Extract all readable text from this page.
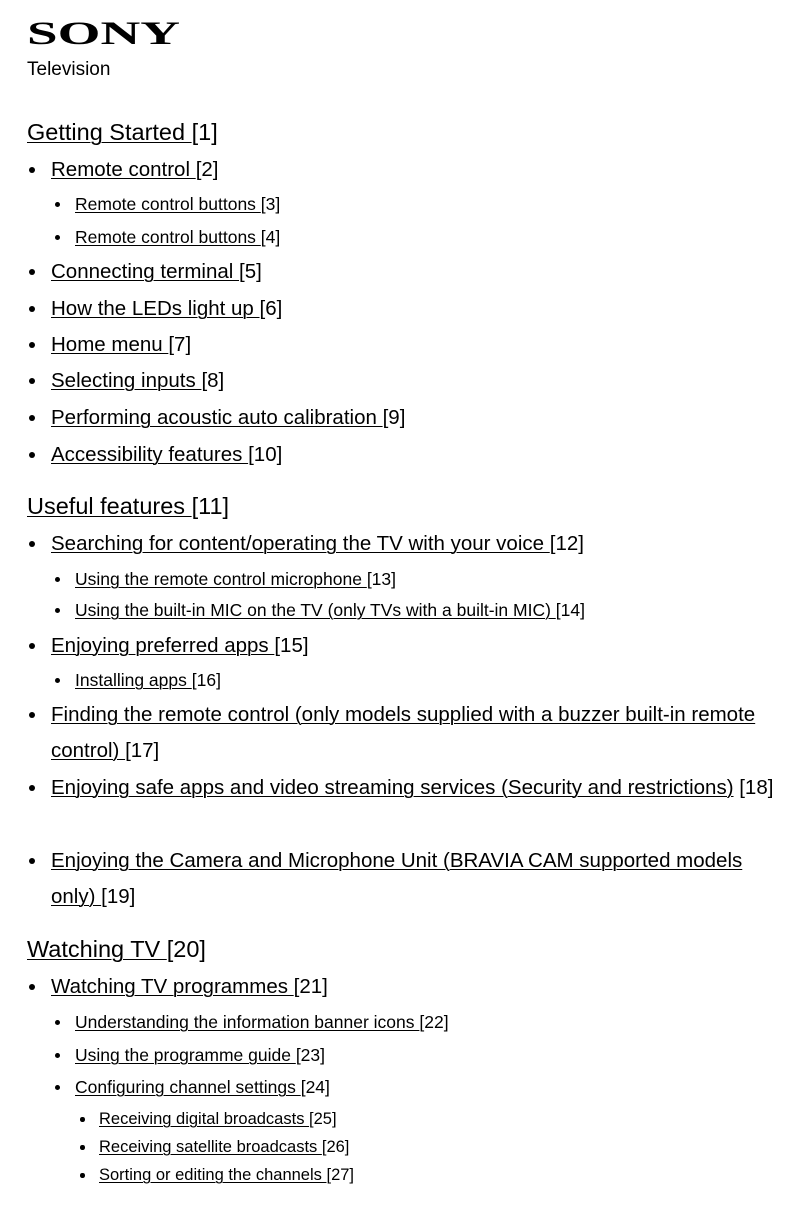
SONY
Television
Getting Started [1]
Remote control [2]
Remote control buttons [3]
Remote control buttons [4]
Connecting terminal [5]
How the LEDs light up [6]
Home menu [7]
Selecting inputs [8]
Performing acoustic auto calibration [9]
Accessibility features [10]
Useful features [11]
Searching for content/operating the TV with your voice [12]
Using the remote control microphone [13]
Using the built-in MIC on the TV (only TVs with a built-in MIC) [14]
Enjoying preferred apps [15]
Installing apps [16]
Finding the remote control (only models supplied with a buzzer built-in remote control) [17]
Enjoying safe apps and video streaming services (Security and restrictions) [18]
Enjoying the Camera and Microphone Unit (BRAVIA CAM supported models only) [19]
Watching TV [20]
Watching TV programmes [21]
Understanding the information banner icons [22]
Using the programme guide [23]
Configuring channel settings [24]
Receiving digital broadcasts [25]
Receiving satellite broadcasts [26]
Sorting or editing the channels [27]
